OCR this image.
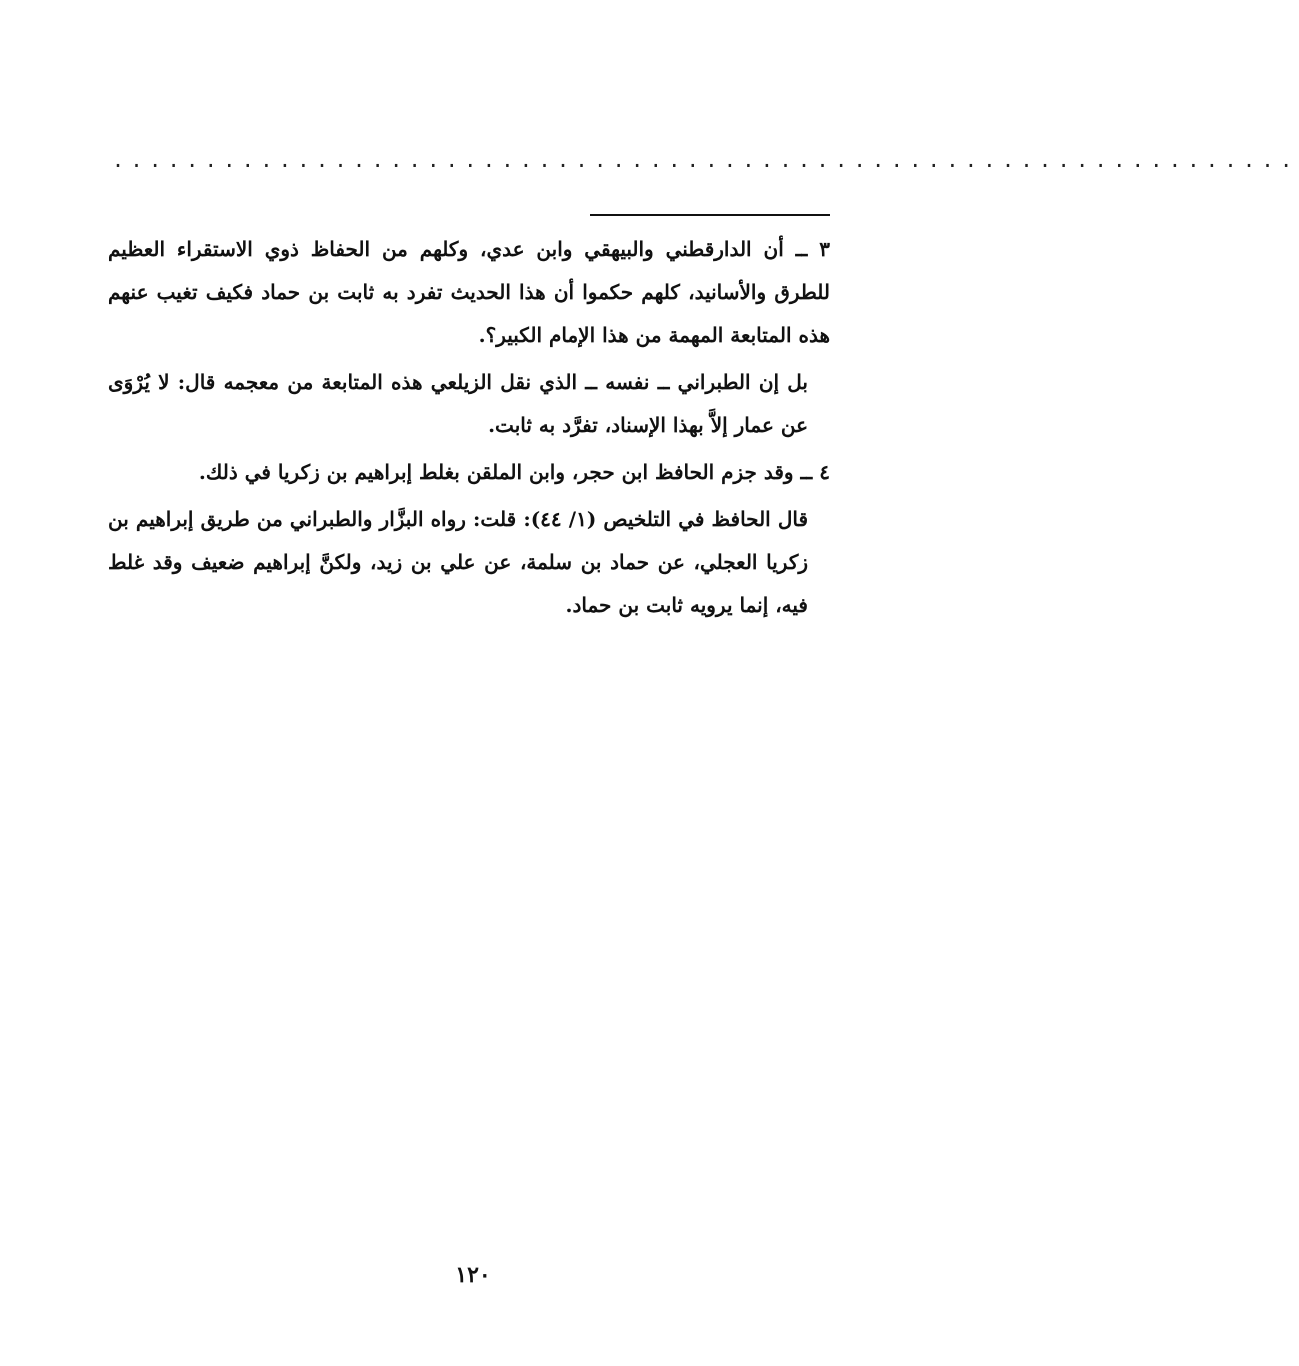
................................................................

٣ ــ أن الدارقطني والبيهقي وابن عدي، وكلهم من الحفاظ ذوي الاستقراء العظيم للطرق والأسانيد، كلهم حكموا أن هذا الحديث تفرد به ثابت بن حماد فكيف تغيب عنهم هذه المتابعة المهمة من هذا الإمام الكبير؟.

بل إن الطبراني ــ نفسه ــ الذي نقل الزيلعي هذه المتابعة من معجمه قال: لا يُرْوَى عن عمار إلاَّ بهذا الإسناد، تفرَّد به ثابت.

٤ ــ وقد جزم الحافظ ابن حجر، وابن الملقن بغلط إبراهيم بن زكريا في ذلك.

قال الحافظ في التلخيص (١/ ٤٤): قلت: رواه البزَّار والطبراني من طريق إبراهيم بن زكريا العجلي، عن حماد بن سلمة، عن علي بن زيد، ولكنَّ إبراهيم ضعيف وقد غلط فيه، إنما يرويه ثابت بن حماد.

١٢٠
